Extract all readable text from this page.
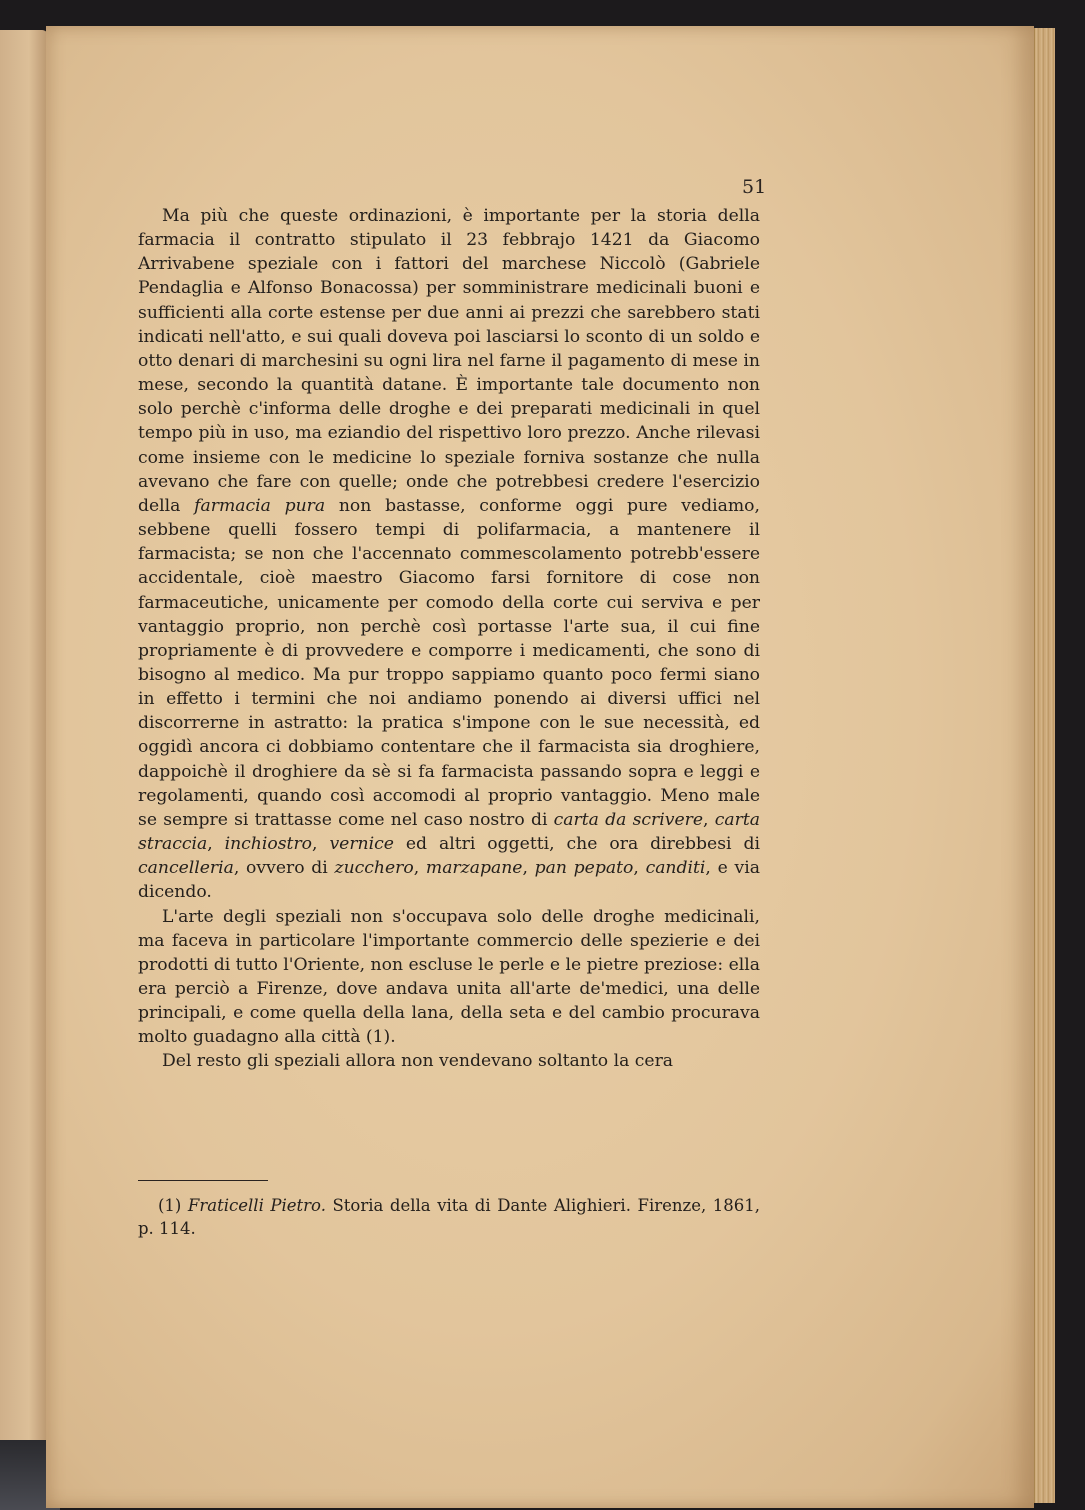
51

Ma più che queste ordinazioni, è importante per la storia della farmacia il contratto stipulato il 23 febbrajo 1421 da Giacomo Arrivabene speziale con i fattori del marchese Niccolò (Gabriele Pendaglia e Alfonso Bonacossa) per somministrare medicinali buoni e sufficienti alla corte estense per due anni ai prezzi che sarebbero stati indicati nell'atto, e sui quali doveva poi lasciarsi lo sconto di un soldo e otto denari di marchesini su ogni lira nel farne il pagamento di mese in mese, secondo la quantità datane. È importante tale documento non solo perchè c'informa delle droghe e dei preparati medicinali in quel tempo più in uso, ma eziandio del rispettivo loro prezzo. Anche rilevasi come insieme con le medicine lo speziale forniva sostanze che nulla avevano che fare con quelle; onde che potrebbesi credere l'esercizio della farmacia pura non bastasse, conforme oggi pure vediamo, sebbene quelli fossero tempi di polifarmacia, a mantenere il farmacista; se non che l'accennato commescolamento potrebb'essere accidentale, cioè maestro Giacomo farsi fornitore di cose non farmaceutiche, unicamente per comodo della corte cui serviva e per vantaggio proprio, non perchè così portasse l'arte sua, il cui fine propriamente è di provvedere e comporre i medicamenti, che sono di bisogno al medico. Ma pur troppo sappiamo quanto poco fermi siano in effetto i termini che noi andiamo ponendo ai diversi uffici nel discorrerne in astratto: la pratica s'impone con le sue necessità, ed oggidì ancora ci dobbiamo contentare che il farmacista sia droghiere, dappoichè il droghiere da sè si fa farmacista passando sopra e leggi e regolamenti, quando così accomodi al proprio vantaggio. Meno male se sempre si trattasse come nel caso nostro di carta da scrivere, carta straccia, inchiostro, vernice ed altri oggetti, che ora direbbesi di cancelleria, ovvero di zucchero, marzapane, pan pepato, canditi, e via dicendo.

L'arte degli speziali non s'occupava solo delle droghe medicinali, ma faceva in particolare l'importante commercio delle spezierie e dei prodotti di tutto l'Oriente, non escluse le perle e le pietre preziose: ella era perciò a Firenze, dove andava unita all'arte de'medici, una delle principali, e come quella della lana, della seta e del cambio procurava molto guadagno alla città (1).

Del resto gli speziali allora non vendevano soltanto la cera

(1) Fraticelli Pietro. Storia della vita di Dante Alighieri. Firenze, 1861, p. 114.
